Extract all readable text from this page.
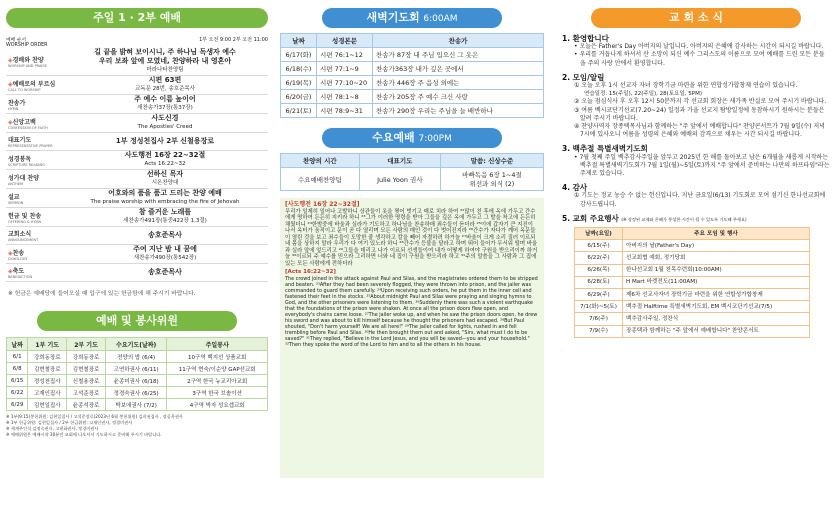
주일 1 · 2부 예배
예배 순서
WORSHIP ORDER
1부 오전 9:00 2부 오전 11:00
◈경배와 찬양
WORSHIP AND PRAISE
길 끝을 밝혀 보이시니, 주 하나님 독생자 예수
우리 보좌 앞에 모였네, 찬양하라 내 영혼아
마라나타찬양팀
◈예배로의 부르심
CALL TO WORSHIP
시편 63편
교독문 28번, 송호준목사
찬송가
HYMN
주 예수 이름 높이어
새찬송가37장(통37장)
◈신앙고백
CONFESSION OF FAITH
사도신경
The Apostles' Creed
대표기도
REPRESENTATIVE PRAYER
1부 정성천집사 2부 신철용장로
성경봉독
SCRIPTURE READING
사도행전 16장 22~32절
Acts 16:22~32
성가대 찬양
ANTHEM
선하신 목자
시온찬양대
설교
SERMON
어호와의 품을 품고 드리는 찬양 예배
The praise worship with embracing the fire of Jehovah
헌금 및 찬송
OFFERING & HYMN
참 즐거운 노래를
새찬송가491장(통중422장 1,3절)
교회소식
ANNOUNCEMENT
송호준목사
◈찬송
DOXOLOGY
주여 지난 밤 내 꿈에
새찬송가490장(통542장)
◈축도
BENEDICTION
송호준목사
※ 헌금은 예배당에 들어오실 때 입구에 있는 헌금함에 해 주시기 바랍니다.
예배 및 봉사위원
날짜	1부 기도	2부 기도	수요기도(날짜)	주일봉사
6/1	강희동장로	강희동장로	전양의 밥 (6/4)	10구역 백지선 상품교회
6/8	김현철장로	김현철장로	고연하권사 (6/11)	11구역 현숙/이순양 GAP선교회
6/15	정성천집사	신철용장로	윤종미권사 (6/18)	2구역 한국 뉴교리아교회
6/22	고재인집사	고석준장로	정경숙권사 (6/25)	3구역 한국 브솔이션
6/29	김현일집사	윤종석장로	박보애권사 (7/2)	4구역 박자 성요셉교회
※ 1부(9:15)봉헌위원: 김현일집사 / 고석준장로(2023년 6월 봉헌위원) 김희권집사 , 장공옥권사
※ 1부 헌금위원: 김현일집사 / 2부 헌금위원: 고재인권사, 정경미권사
※ 세계주인석 김정숙권사, 고현화권사, 정경미권사
※ 예배위원은 예배시작 30분전 교회에 나오셔서 기도하시고 준비해 주시기 바랍니다.
새벽기도회 6:00AM
날짜	성경본문	찬송가
6/17(화)	시편 76:1~12	찬송가 87장 내 주님 입으신 그 옷은
6/18(수)	시편 77:1~9	찬송가363장 내가 깊은 곳에서
6/19(목)	시편 77:10~20	찬송가 446장 주 음성 외에는
6/20(금)	시편 78:1~8	찬송가 205장 주 예수 크신 사랑
6/21(토)	시편 78:9~31	찬송가 290장 우리는 주님을 늘 배반하나
수요예배 7:00PM
찬양의 시간	대표기도	말씀: 신상수준
수요예배찬양팀	Julie Yoon 권사	바빠독음 6장 1~4절
위선과 외식 (2)
[사도행전 16장 22~32절]
무리가 일제히 일어나 고발하니 상관들이 옷을 찢어 벗기고 매로 치라 하여 ²²많이 친 후에 옥에 가두고 간수에게 명하여 든든히 지키라 하니 ²³그가 이러한 명령을 받아 그들을 깊은 옥에 가두고 그 발을 착고에 든든히 채웠더니 ²⁴한밤중에 바울과 실라가 기도하고 하나님을 찬송하매 죄수들이 듣더라 ²⁵이에 갑자기 큰 지진이 나서 옥터가 움직이고 문이 곧 다 열리며 모든 사람의 매인 것이 다 벗어진지라 ²⁶간수가 자다가 깨어 옥문들이 열린 것을 보고 죄수들이 도망한 줄 생각하고 칼을 빼어 자결하려 하거늘 ²⁷바울이 크게 소리 질러 이르되 네 몸을 상하지 말라 우리가 다 여기 있노라 하니 ²⁸간수가 등불을 달라고 하며 뛰어 들어가 무서워 떨며 바울과 실라 앞에 엎드리고 ²⁹그들을 데리고 나가 이르되 선생들이여 내가 어떻게 하여야 구원을 받으리이까 하거늘 ³⁰이르되 주 예수를 믿으라 그리하면 너와 네 집이 구원을 받으리라 하고 ³¹주의 말씀을 그 사람과 그 집에 있는 모든 사람에게 전하더라
[Acts 16:22~32]
The crowd joined in the attack against Paul and Silas, and the magistrates ordered them to be stripped and beaten. ²³After they had been severely flogged, they were thrown into prison, and the jailer was commanded to guard them carefully. ²⁴Upon receiving such orders, he put them in the inner cell and fastened their feet in the stocks. ²⁵About midnight Paul and Silas were praying and singing hymns to God, and the other prisoners were listening to them. ²⁶Suddenly there was such a violent earthquake that the foundations of the prison were shaken. At once all the prison doors flew open, and everybody's chains came loose. ²⁷The jailer woke up, and when he saw the prison doors open, he drew his sword and was about to kill himself because he thought the prisoners had escaped. ²⁸But Paul shouted, "Don't harm yourself! We are all here!" ²⁹The jailer called for lights, rushed in and fell trembling before Paul and Silas. ³⁰He then brought them out and asked, "Sirs, what must I do to be saved?" ³¹They replied, "Believe in the Lord Jesus, and you will be saved—you and your household." ³²Then they spoke the word of the Lord to him and to all the others in his house.
교 회 소 식
1. 환영합니다
• 오늘은 Father's Day 아버지의 날입니다. 아버지의 은혜에 감사하는 시간이 되시길 바랍니다.
• 우리를 거듭나게 하셔서 산 소망이 되신 예수 그리스도의 이름으로 모여 예배를 드린 모든 분들을 주의 사랑 안에서 환영합니다.
2. 모임/알림
① 오늘 오후 1시 선교자 자녀 장학기금 마련을 위한 연합성가합창제 연습이 있습니다.
연습일정: 15(주일), 22(주일), 28(토요일, 5PM)
② 오늘 점심식사 후 오후 12시 50분까지 각 선교회 회장은 새가족 반실로 모여 주시기 바랍니다.
③ 여름 벡시코단기선교(7.20~24) 일정과 가을 선교지 탐방일정에 동참하시기 원하시는 분들은 알려 주시기 바랍니다.
④ 찬양사역자 장종택목사님과 함께하는 "주 앞에서 예배합니다" 찬양콘서트가 7월 9일(수) 저녁 7시에 있사오니 여름을 성령의 은혜와 예배의 감격으로 채우는 시간 되시길 바랍니다.
3. 백추절 특별새벽기도회
• 7월 첫째 주일 백추감사주일을 앞두고 2025년 한 해를 돌아보고 남은 6개월을 새롭게 시작하는 백추절 특별새벽기도회가 7월 1일(월)~5일(토)까지 "주 앞에서 준비하는 나만의 하프타임"라는 주제로 있습니다.
4. 감사
① 기도는 정교 농승 수 없는 헌신입니다. 지난 금요일(6/13) 기도회로 모여 섬기신 한나선교회에 감사드립니다.
5. 교회 주요행사 (※ 상정된 교제와 은혜가 풍성한 시간이 될 수 있도록 기도해 주세요)
날짜(요일)	주요 모임 및 행사
6/15(주)	아버지의 날(Father's Day)
6/22(주)	선교회협 예회, 정기당회
6/26(목)	한나선교회 1월 천목수련회(10:00AM)
6/28(토)	H Mart 바켓전도(11:00AM)
6/29(주)	제6차 선교사자녀 장학기금 마련을 위한 연합성가합창제
7/1(화)~5(토)	백추절 Halftime 특별새벽기도회, EM 벡시코단기선교(7/5)
7/6(주)	백추감사주일, 정찬식
7/9(수)	장종택과 함께하는 "주 앞에서 예배합니다" 찬양콘서트
